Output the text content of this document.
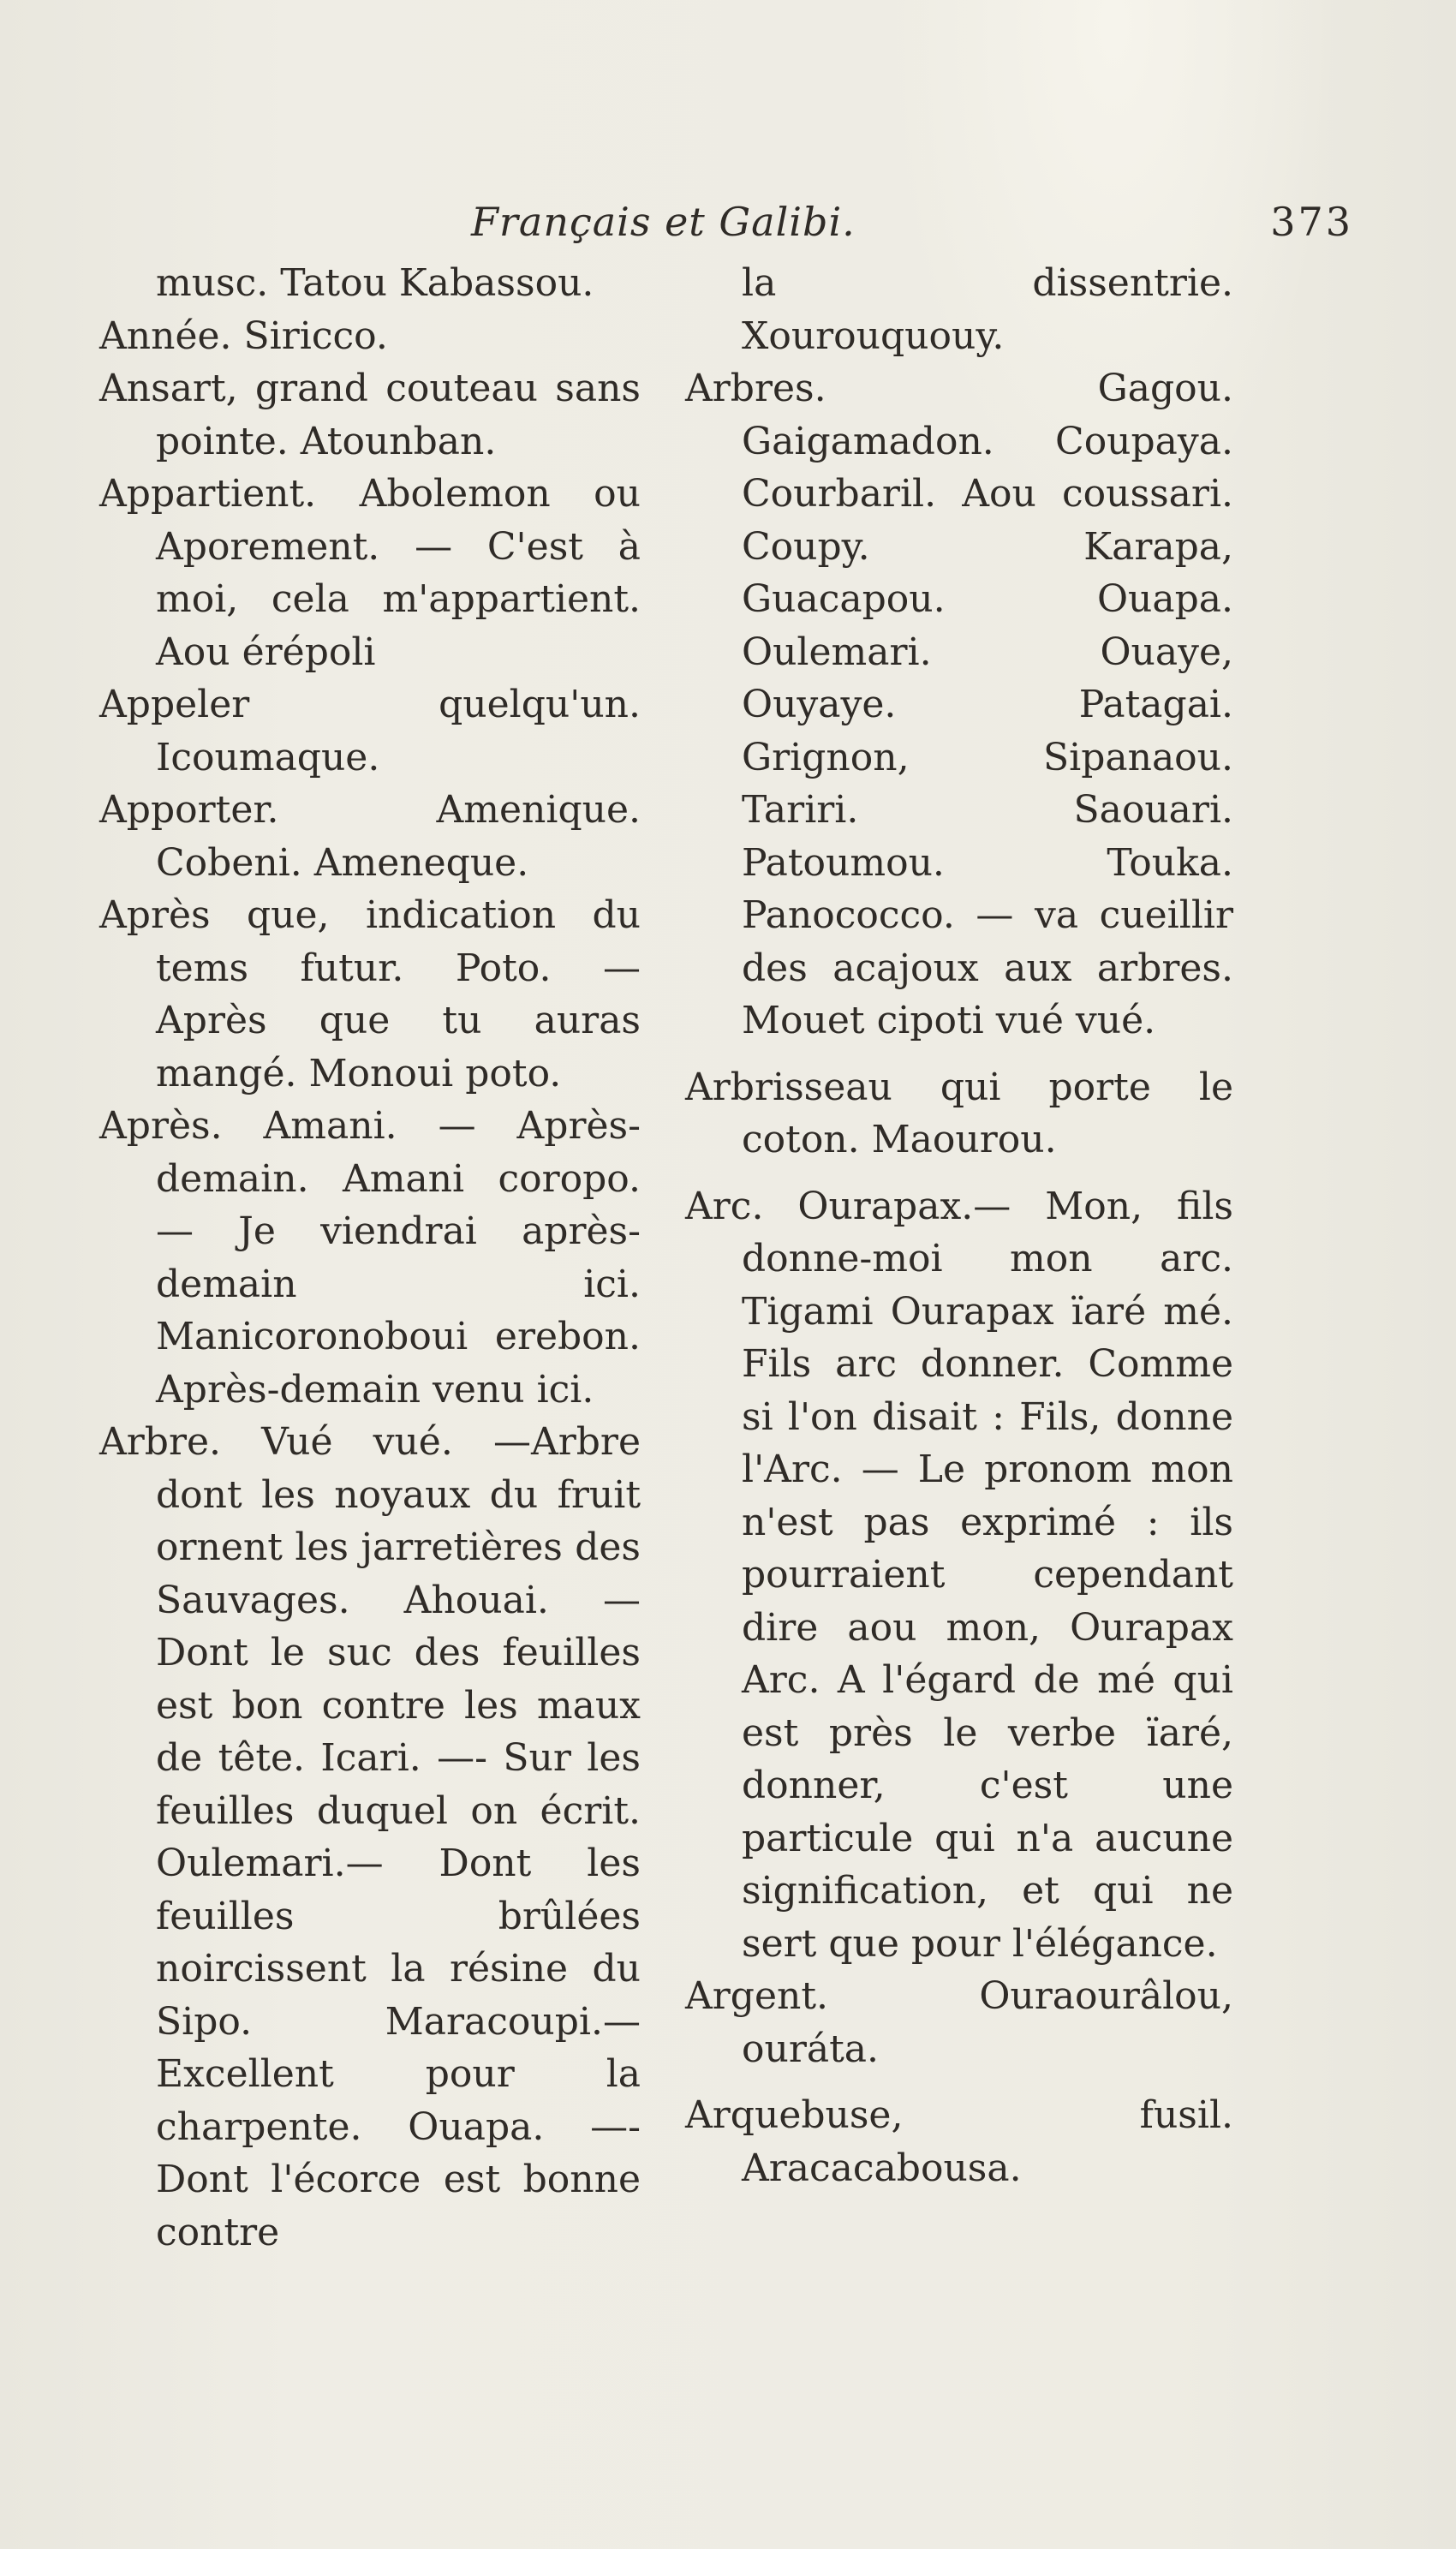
Français et Galibi.	373

musc. Tatou Kabassou.

Année. Siricco.

Ansart, grand couteau sans pointe. Atounban.

Appartient. Abolemon ou Aporement. — C'est à moi, cela m'appartient. Aou érépoli

Appeler quelqu'un. Icoumaque.

Apporter. Amenique. Cobeni. Ameneque.

Après que, indication du tems futur. Poto. — Après que tu auras mangé. Monoui poto.

Après. Amani. — Après-demain. Amani coropo. — Je viendrai après-demain ici. Manicoronoboui erebon. Après-demain venu ici.

Arbre. Vué vué. —Arbre dont les noyaux du fruit ornent les jarretières des Sauvages. Ahouai. — Dont le suc des feuilles est bon contre les maux de tête. Icari. —- Sur les feuilles duquel on écrit. Oulemari.— Dont les feuilles brûlées noircissent la résine du Sipo. Maracoupi.— Excellent pour la charpente. Ouapa. —- Dont l'écorce est bonne contre

la dissentrie. Xourouquouy.

Arbres. Gagou. Gaigamadon. Coupaya. Courbaril. Aou coussari. Coupy. Karapa, Guacapou. Ouapa. Oulemari. Ouaye, Ouyaye. Patagai. Grignon, Sipanaou. Tariri. Saouari. Patoumou. Touka. Panococco. — va cueillir des acajoux aux arbres. Mouet cipoti vué vué.

Arbrisseau qui porte le coton. Maourou.

Arc. Ourapax.— Mon, fils donne-moi mon arc. Tigami Ourapax ïaré mé. Fils arc donner. Comme si l'on disait : Fils, donne l'Arc. — Le pronom mon n'est pas exprimé : ils pourraient cependant dire aou mon, Ourapax Arc. A l'égard de mé qui est près le verbe ïaré, donner, c'est une particule qui n'a aucune signification, et qui ne sert que pour l'élégance.

Argent. Ouraourâlou, ouráta.

Arquebuse, fusil. Aracacabousa.
